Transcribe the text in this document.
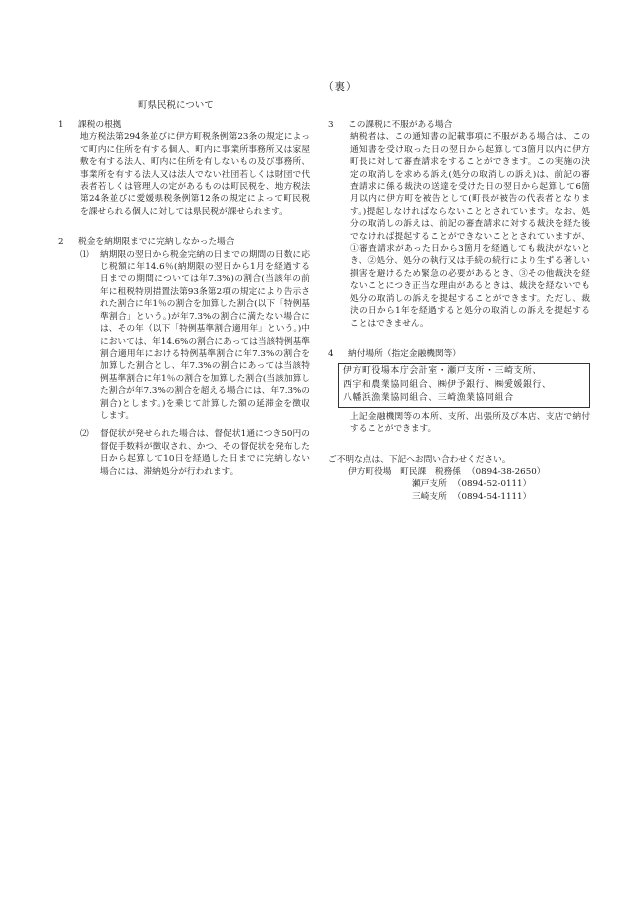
（裏）
町県民税について

1 課税の根拠

地方税法第294条並びに伊方町税条例第23条の規定によって町内に住所を有する個人、町内に事業所事務所又は家屋敷を有する法人、町内に住所を有しないもの及び事務所、事業所を有する法人又は法人でない社団若しくは財団で代表者若しくは管理人の定があるものは町民税を、地方税法第24条並びに愛媛県税条例第12条の規定によって町民税を課せられる個人に対しては県民税が課せられます。

2 税金を納期限までに完納しなかった場合

⑴	納期限の翌日から税金完納の日までの期間の日数に応じ税額に年14.6％(納期限の翌日から1月を経過する日までの期間については年7.3%)の割合(当該年の前年に租税特別措置法第93条第2項の規定により告示された割合に年1％の割合を加算した割合(以下「特例基準割合」という。)が年7.3%の割合に満たない場合には、その年（以下「特例基準割合適用年」という。)中においては、年14.6%の割合にあっては当該特例基準割合適用年における特例基準割合に年7.3%の割合を加算した割合とし、年7.3%の割合にあっては当該特例基準割合に年1％の割合を加算した割合(当該加算した割合が年7.3%の割合を超える場合には、年7.3%の割合)とします。)を乗じて計算した額の延滞金を徴収します。
⑵	督促状が発せられた場合は、督促状1通につき50円の督促手数料が徴収され、かつ、その督促状を発布した日から起算して10日を経過した日までに完納しない場合には、滞納処分が行われます。

3 この課税に不服がある場合

納税者は、この通知書の記載事項に不服がある場合は、この通知書を受け取った日の翌日から起算して3箇月以内に伊方町長に対して審査請求をすることができます。この実施の決定の取消しを求める訴え(処分の取消しの訴え)は、前記の審査請求に係る裁決の送達を受けた日の翌日から起算して6箇月以内に伊方町を被告として(町長が被告の代表者となります。)提起しなければならないこととされています。なお、処分の取消しの訴えは、前記の審査請求に対する裁決を経た後でなければ提起することができないこととされていますが、①審査請求があった日から3箇月を経過しても裁決がないとき、②処分、処分の執行又は手続の続行により生ずる著しい損害を避けるため緊急の必要があるとき、③その他裁決を経ないことにつき正当な理由があるときは、裁決を経ないでも処分の取消しの訴えを提起することができます。ただし、裁決の日から1年を経過すると処分の取消しの訴えを提起することはできません。

4 納付場所（指定金融機関等）

伊方町役場本庁会計室・瀬戸支所・三崎支所、
西宇和農業協同組合、㈱伊予銀行、㈱愛媛銀行、
八幡浜漁業協同組合、三崎漁業協同組合

上記金融機関等の本所、支所、出張所及び本店、支店で納付することができます。

ご不明な点は、下記へお問い合わせください。

伊方町役場　町民課　税務係 （0894-38-2650）
瀬戸支所 （0894-52-0111）
三崎支所 （0894-54-1111）
